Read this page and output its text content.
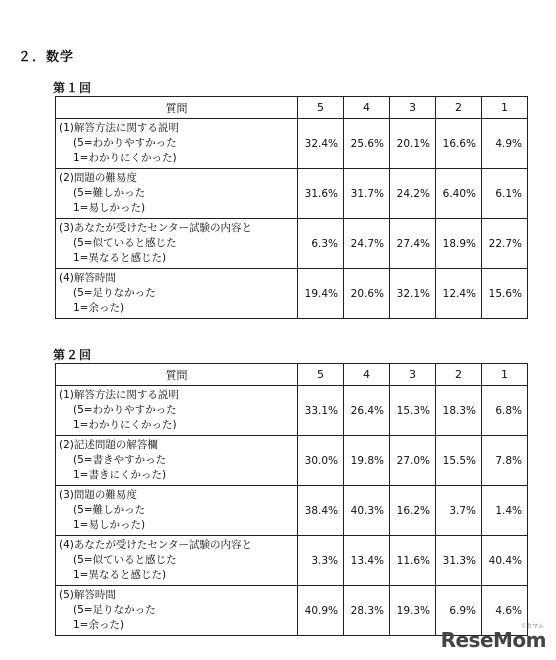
２．数学
第１回
質問	5	4	3	2	1

(1)解答方法に関する説明
(5=わかりやすかった
1=わかりにくかった)	32.4%	25.6%	20.1%	16.6%	4.9%

(2)問題の難易度
(5=難しかった
1=易しかった)	31.6%	31.7%	24.2%	6.40%	6.1%

(3)あなたが受けたセンター試験の内容と
(5=似ていると感じた
1=異なると感じた)	6.3%	24.7%	27.4%	18.9%	22.7%

(4)解答時間
(5=足りなかった
1=余った)	19.4%	20.6%	32.1%	12.4%	15.6%
第２回
質問	5	4	3	2	1

(1)解答方法に関する説明
(5=わかりやすかった
1=わかりにくかった)	33.1%	26.4%	15.3%	18.3%	6.8%

(2)記述問題の解答欄
(5=書きやすかった
1=書きにくかった)	30.0%	19.8%	27.0%	15.5%	7.8%

(3)問題の難易度
(5=難しかった
1=易しかった)	38.4%	40.3%	16.2%	3.7%	1.4%

(4)あなたが受けたセンター試験の内容と
(5=似ていると感じた
1=異なると感じた)	3.3%	13.4%	11.6%	31.3%	40.4%

(5)解答時間
(5=足りなかった
1=余った)	40.9%	28.3%	19.3%	6.9%	4.6%
ReseMom
リセマム
